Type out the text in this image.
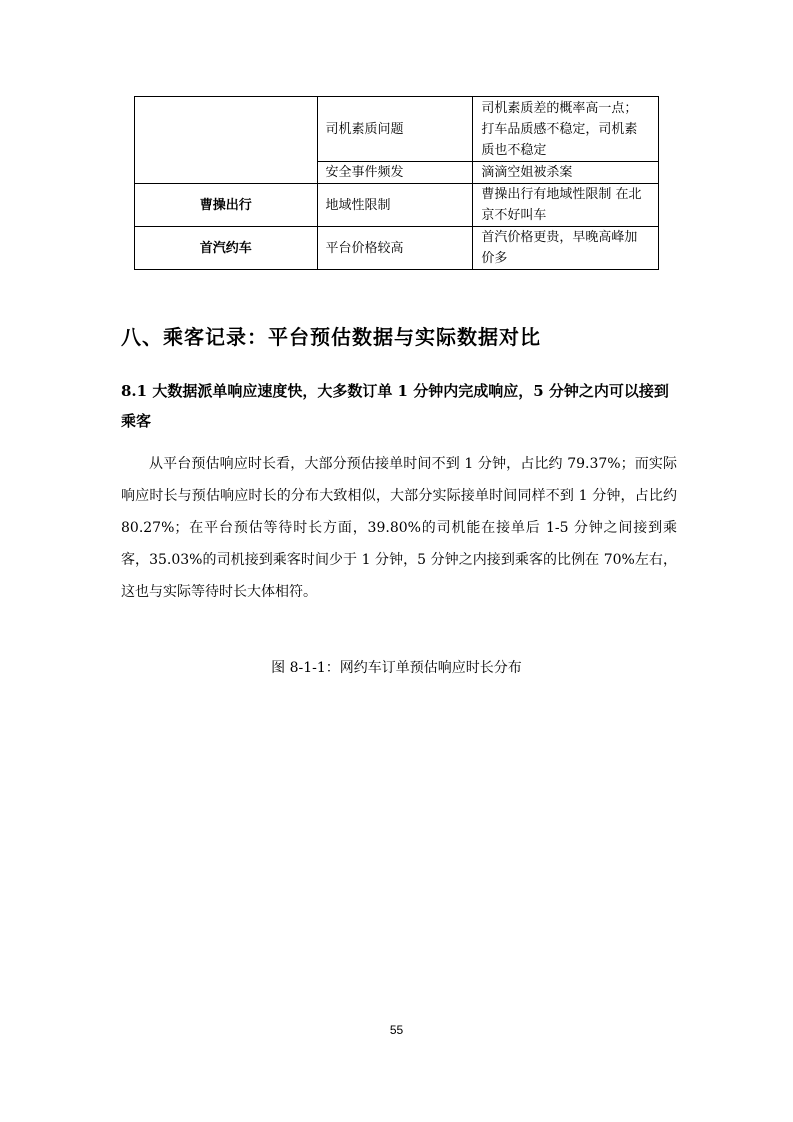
	司机素质问题	司机素质差的概率高一点；打车品质感不稳定，司机素质也不稳定
	安全事件频发	滴滴空姐被杀案
曹操出行	地域性限制	曹操出行有地域性限制 在北京不好叫车
首汽约车	平台价格较高	首汽价格更贵，早晚高峰加价多
八、乘客记录：平台预估数据与实际数据对比
8.1 大数据派单响应速度快，大多数订单 1 分钟内完成响应，5 分钟之内可以接到乘客

从平台预估响应时长看，大部分预估接单时间不到 1 分钟，占比约 79.37%；而实际响应时长与预估响应时长的分布大致相似，大部分实际接单时间同样不到 1 分钟，占比约 80.27%；在平台预估等待时长方面，39.80%的司机能在接单后 1-5 分钟之间接到乘客，35.03%的司机接到乘客时间少于 1 分钟，5 分钟之内接到乘客的比例在 70%左右，这也与实际等待时长大体相符。

图 8-1-1：网约车订单预估响应时长分布
55
